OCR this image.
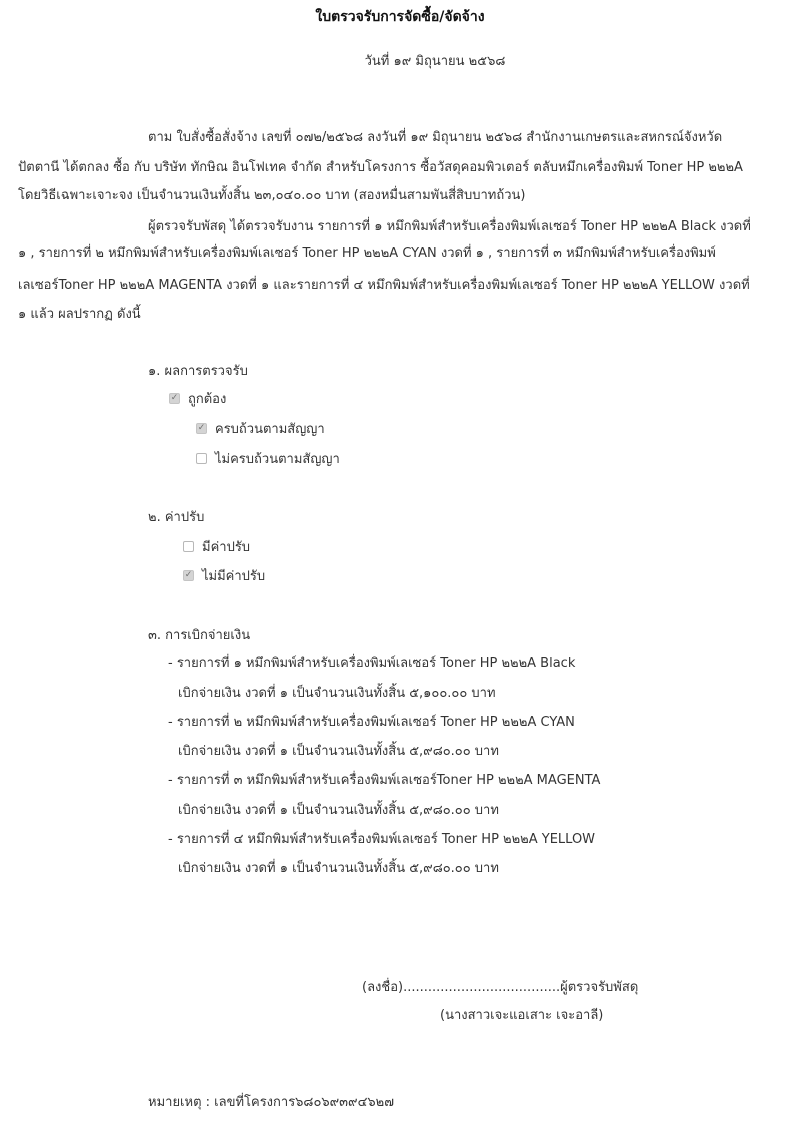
ใบตรวจรับการจัดซื้อ/จัดจ้าง
วันที่ ๑๙ มิถุนายน ๒๕๖๘
ตาม ใบสั่งซื้อสั่งจ้าง เลขที่ ๐๗๒/๒๕๖๘ ลงวันที่ ๑๙ มิถุนายน ๒๕๖๘ สำนักงานเกษตรและสหกรณ์จังหวัด
ปัตตานี ได้ตกลง ซื้อ กับ บริษัท ทักษิณ อินโฟเทค จำกัด สำหรับโครงการ ซื้อวัสดุคอมพิวเตอร์ ตลับหมึกเครื่องพิมพ์ Toner HP ๒๒๒A
โดยวิธีเฉพาะเจาะจง เป็นจำนวนเงินทั้งสิ้น ๒๓,๐๔๐.๐๐ บาท (สองหมื่นสามพันสี่สิบบาทถ้วน)
ผู้ตรวจรับพัสดุ ได้ตรวจรับงาน รายการที่ ๑ หมึกพิมพ์สำหรับเครื่องพิมพ์เลเซอร์ Toner HP ๒๒๒A Black งวดที่
๑ , รายการที่ ๒ หมึกพิมพ์สำหรับเครื่องพิมพ์เลเซอร์ Toner HP ๒๒๒A CYAN งวดที่ ๑ , รายการที่ ๓ หมึกพิมพ์สำหรับเครื่องพิมพ์
เลเซอร์Toner HP ๒๒๒A MAGENTA งวดที่ ๑ และรายการที่ ๔ หมึกพิมพ์สำหรับเครื่องพิมพ์เลเซอร์ Toner HP ๒๒๒A YELLOW งวดที่
๑ แล้ว ผลปรากฏ ดังนี้
๑. ผลการตรวจรับ
✓
ถูกต้อง
✓
ครบถ้วนตามสัญญา
ไม่ครบถ้วนตามสัญญา
๒. ค่าปรับ
มีค่าปรับ
✓
ไม่มีค่าปรับ
๓. การเบิกจ่ายเงิน
- รายการที่ ๑ หมึกพิมพ์สำหรับเครื่องพิมพ์เลเซอร์ Toner HP ๒๒๒A Black
เบิกจ่ายเงิน งวดที่ ๑ เป็นจำนวนเงินทั้งสิ้น ๕,๑๐๐.๐๐ บาท
- รายการที่ ๒ หมึกพิมพ์สำหรับเครื่องพิมพ์เลเซอร์ Toner HP ๒๒๒A CYAN
เบิกจ่ายเงิน งวดที่ ๑ เป็นจำนวนเงินทั้งสิ้น ๕,๙๘๐.๐๐ บาท
- รายการที่ ๓ หมึกพิมพ์สำหรับเครื่องพิมพ์เลเซอร์Toner HP ๒๒๒A MAGENTA
เบิกจ่ายเงิน งวดที่ ๑ เป็นจำนวนเงินทั้งสิ้น ๕,๙๘๐.๐๐ บาท
- รายการที่ ๔ หมึกพิมพ์สำหรับเครื่องพิมพ์เลเซอร์ Toner HP ๒๒๒A YELLOW
เบิกจ่ายเงิน งวดที่ ๑ เป็นจำนวนเงินทั้งสิ้น ๕,๙๘๐.๐๐ บาท
(ลงชื่อ)......................................ผู้ตรวจรับพัสดุ
(นางสาวเจะแอเสาะ เจะอาลี)
หมายเหตุ : เลขที่โครงการ๖๘๐๖๙๓๙๔๖๒๗
